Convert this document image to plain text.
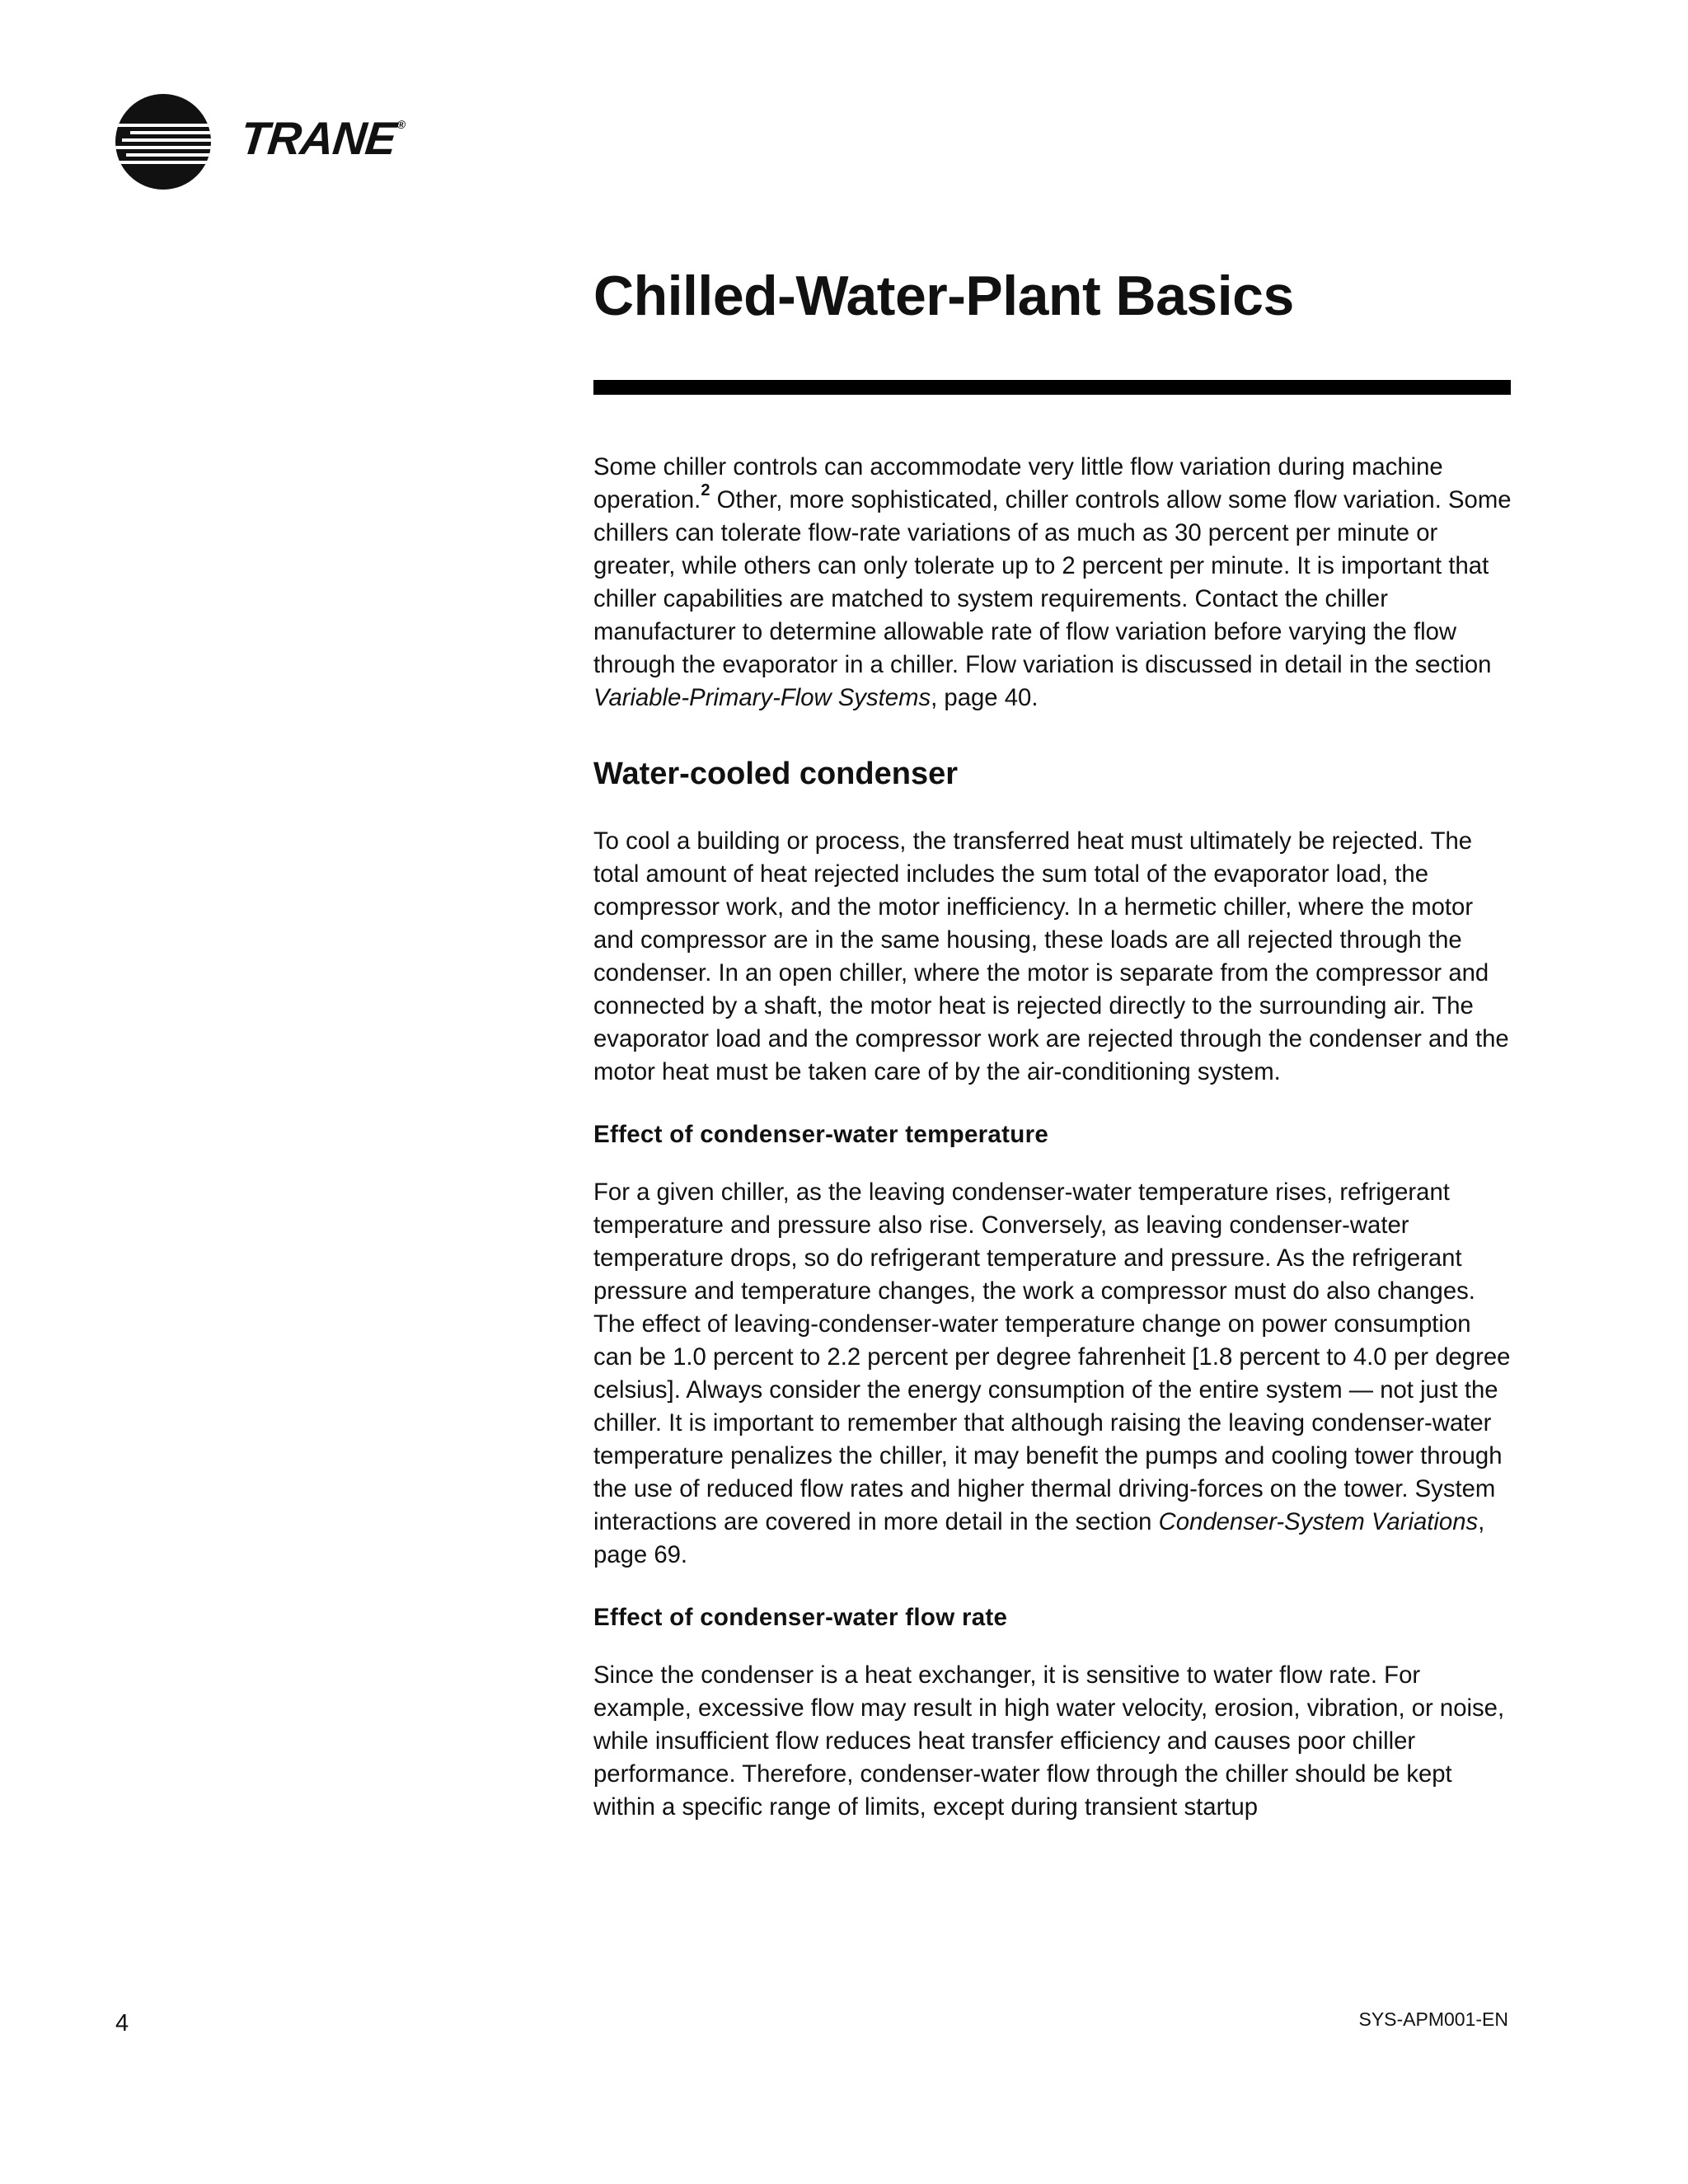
TRANE®
Chilled-Water-Plant Basics

Some chiller controls can accommodate very little flow variation during machine operation.$^2$ Other, more sophisticated, chiller controls allow some flow variation. Some chillers can tolerate flow-rate variations of as much as 30 percent per minute or greater, while others can only tolerate up to 2 percent per minute. It is important that chiller capabilities are matched to system requirements. Contact the chiller manufacturer to determine allowable rate of flow variation before varying the flow through the evaporator in a chiller. Flow variation is discussed in detail in the section Variable-Primary-Flow Systems, page 40.

Water-cooled condenser

To cool a building or process, the transferred heat must ultimately be rejected. The total amount of heat rejected includes the sum total of the evaporator load, the compressor work, and the motor inefficiency. In a hermetic chiller, where the motor and compressor are in the same housing, these loads are all rejected through the condenser. In an open chiller, where the motor is separate from the compressor and connected by a shaft, the motor heat is rejected directly to the surrounding air. The evaporator load and the compressor work are rejected through the condenser and the motor heat must be taken care of by the air-conditioning system.

Effect of condenser-water temperature

For a given chiller, as the leaving condenser-water temperature rises, refrigerant temperature and pressure also rise. Conversely, as leaving condenser-water temperature drops, so do refrigerant temperature and pressure. As the refrigerant pressure and temperature changes, the work a compressor must do also changes. The effect of leaving-condenser-water temperature change on power consumption can be 1.0 percent to 2.2 percent per degree fahrenheit [1.8 percent to 4.0 per degree celsius]. Always consider the energy consumption of the entire system — not just the chiller. It is important to remember that although raising the leaving condenser-water temperature penalizes the chiller, it may benefit the pumps and cooling tower through the use of reduced flow rates and higher thermal driving-forces on the tower. System interactions are covered in more detail in the section Condenser-System Variations, page 69.

Effect of condenser-water flow rate

Since the condenser is a heat exchanger, it is sensitive to water flow rate. For example, excessive flow may result in high water velocity, erosion, vibration, or noise, while insufficient flow reduces heat transfer efficiency and causes poor chiller performance. Therefore, condenser-water flow through the chiller should be kept within a specific range of limits, except during transient startup

4	SYS-APM001-EN
